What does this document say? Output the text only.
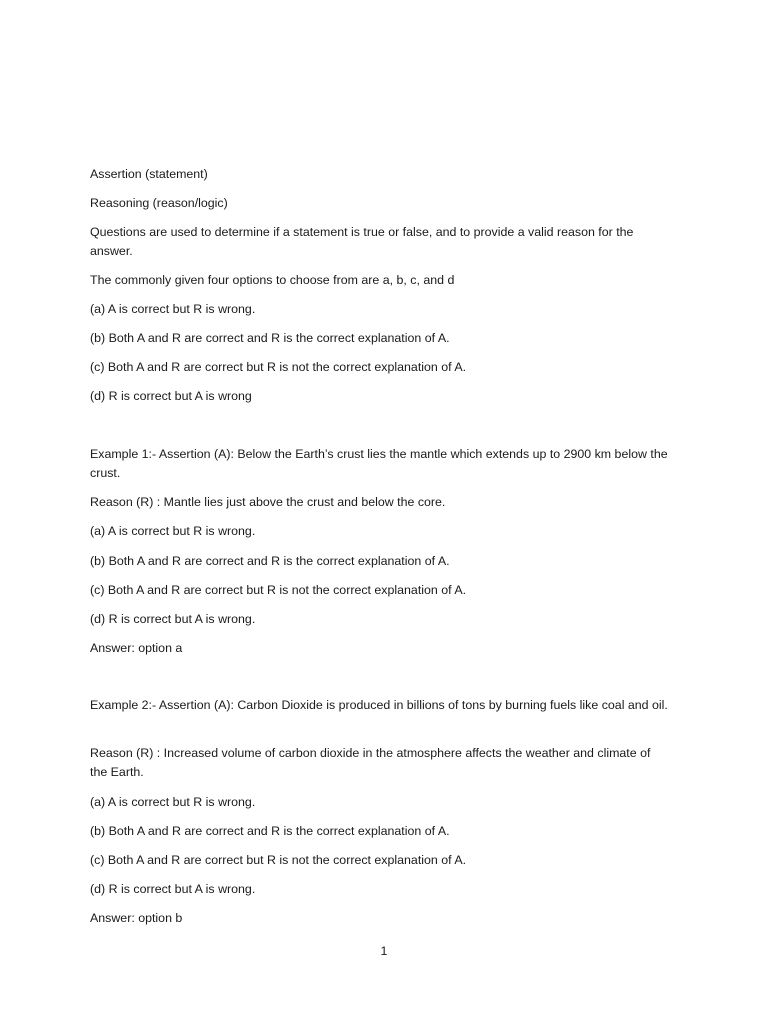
Assertion (statement)

Reasoning (reason/logic)

Questions are used to determine if a statement is true or false, and to provide a valid reason for the answer.

The commonly given four options to choose from are a, b, c, and d

(a) A is correct but R is wrong.

(b) Both A and R are correct and R is the correct explanation of A.

(c) Both A and R are correct but R is not the correct explanation of A.

(d) R is correct but A is wrong

Example 1:- Assertion (A): Below the Earth’s crust lies the mantle which extends up to 2900 km below the crust.

Reason (R) : Mantle lies just above the crust and below the core.

(a) A is correct but R is wrong.

(b) Both A and R are correct and R is the correct explanation of A.

(c) Both A and R are correct but R is not the correct explanation of A.

(d) R is correct but A is wrong.

Answer: option a

Example 2:- Assertion (A): Carbon Dioxide is produced in billions of tons by burning fuels like coal and oil.

Reason (R) : Increased volume of carbon dioxide in the atmosphere affects the weather and climate of the Earth.

(a) A is correct but R is wrong.

(b) Both A and R are correct and R is the correct explanation of A.

(c) Both A and R are correct but R is not the correct explanation of A.

(d) R is correct but A is wrong.

Answer: option b

1
